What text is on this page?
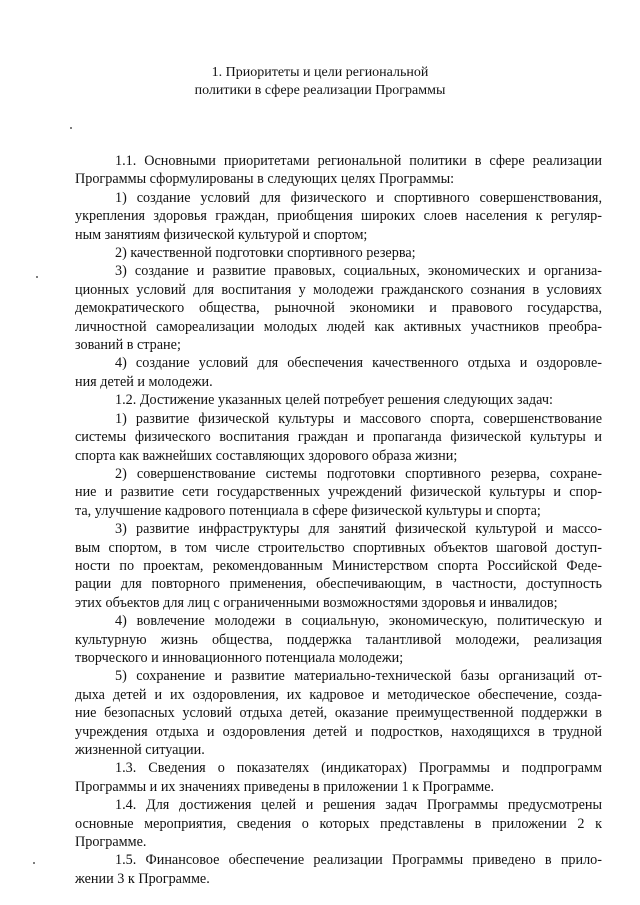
1. Приоритеты и цели региональной
политики в сфере реализации Программы
1.1. Основными приоритетами региональной политики в сфере реализации
Программы сформулированы в следующих целях Программы:
1) создание условий для физического и спортивного совершенствования,
укрепления здоровья граждан, приобщения широких слоев населения к регуляр-
ным занятиям физической культурой и спортом;
2) качественной подготовки спортивного резерва;
3) создание и развитие правовых, социальных, экономических и организа-
ционных условий для воспитания у молодежи гражданского сознания в условиях
демократического общества, рыночной экономики и правового государства,
личностной самореализации молодых людей как активных участников преобра-
зований в стране;
4) создание условий для обеспечения качественного отдыха и оздоровле-
ния детей и молодежи.
1.2. Достижение указанных целей потребует решения следующих задач:
1) развитие физической культуры и массового спорта, совершенствование
системы физического воспитания граждан и пропаганда физической культуры и
спорта как важнейших составляющих здорового образа жизни;
2) совершенствование системы подготовки спортивного резерва, сохране-
ние и развитие сети государственных учреждений физической культуры и спор-
та, улучшение кадрового потенциала в сфере физической культуры и спорта;
3) развитие инфраструктуры для занятий физической культурой и массо-
вым спортом, в том числе строительство спортивных объектов шаговой доступ-
ности по проектам, рекомендованным Министерством спорта Российской Феде-
рации для повторного применения, обеспечивающим, в частности, доступность
этих объектов для лиц с ограниченными возможностями здоровья и инвалидов;
4) вовлечение молодежи в социальную, экономическую, политическую и
культурную жизнь общества, поддержка талантливой молодежи, реализация
творческого и инновационного потенциала молодежи;
5) сохранение и развитие материально-технической базы организаций от-
дыха детей и их оздоровления, их кадровое и методическое обеспечение, созда-
ние безопасных условий отдыха детей, оказание преимущественной поддержки в
учреждения отдыха и оздоровления детей и подростков, находящихся в трудной
жизненной ситуации.
1.3. Сведения о показателях (индикаторах) Программы и подпрограмм
Программы и их значениях приведены в приложении 1 к Программе.
1.4. Для достижения целей и решения задач Программы предусмотрены
основные мероприятия, сведения о которых представлены в приложении 2 к
Программе.
1.5. Финансовое обеспечение реализации Программы приведено в прило-
жении 3 к Программе.
